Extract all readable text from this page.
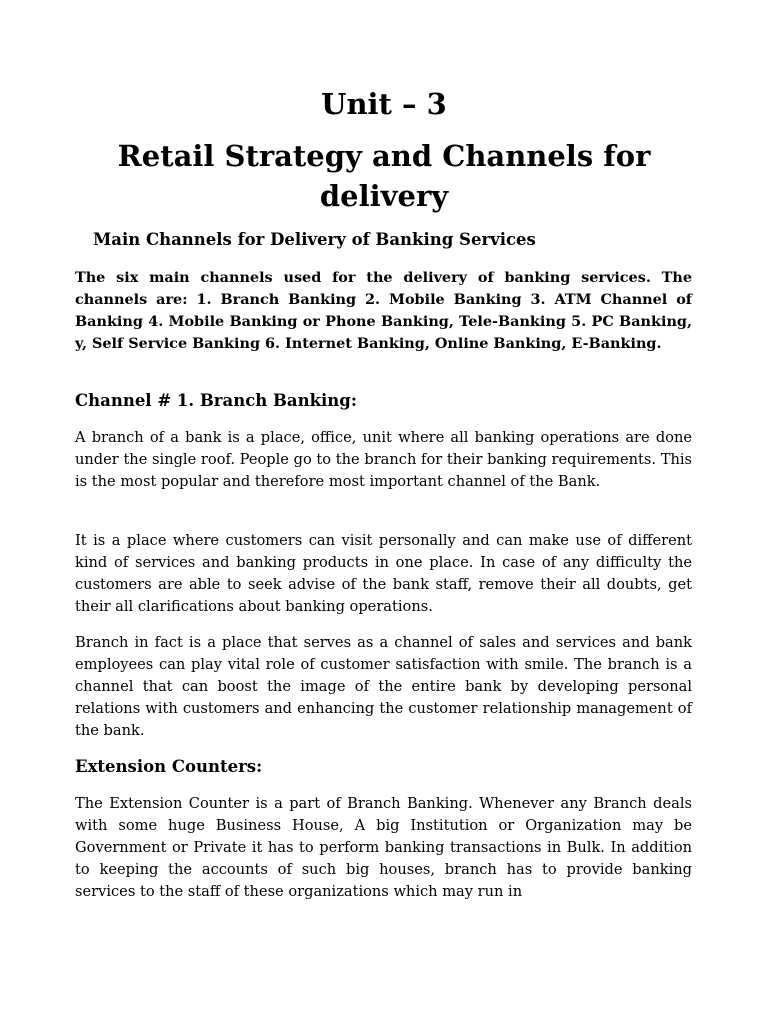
Unit – 3
Retail Strategy and Channels for delivery
Main Channels for Delivery of Banking Services

The six main channels used for the delivery of banking services. The channels are: 1. Branch Banking 2. Mobile Banking 3. ATM Channel of Banking 4. Mobile Banking or Phone Banking, Tele-Banking 5. PC Banking, y, Self Service Banking 6. Internet Banking, Online Banking, E-Banking.

Channel # 1. Branch Banking:

A branch of a bank is a place, office, unit where all banking operations are done under the single roof. People go to the branch for their banking requirements. This is the most popular and therefore most important channel of the Bank.

It is a place where customers can visit personally and can make use of different kind of services and banking products in one place. In case of any difficulty the customers are able to seek advise of the bank staff, remove their all doubts, get their all clarifications about banking operations.

Branch in fact is a place that serves as a channel of sales and services and bank employees can play vital role of customer satisfaction with smile. The branch is a channel that can boost the image of the entire bank by developing personal relations with customers and enhancing the customer relationship management of the bank.

Extension Counters:

The Extension Counter is a part of Branch Banking. Whenever any Branch deals with some huge Business House, A big Institution or Organization may be Government or Private it has to perform banking transactions in Bulk. In addition to keeping the accounts of such big houses, branch has to provide banking services to the staff of these organizations which may run in
